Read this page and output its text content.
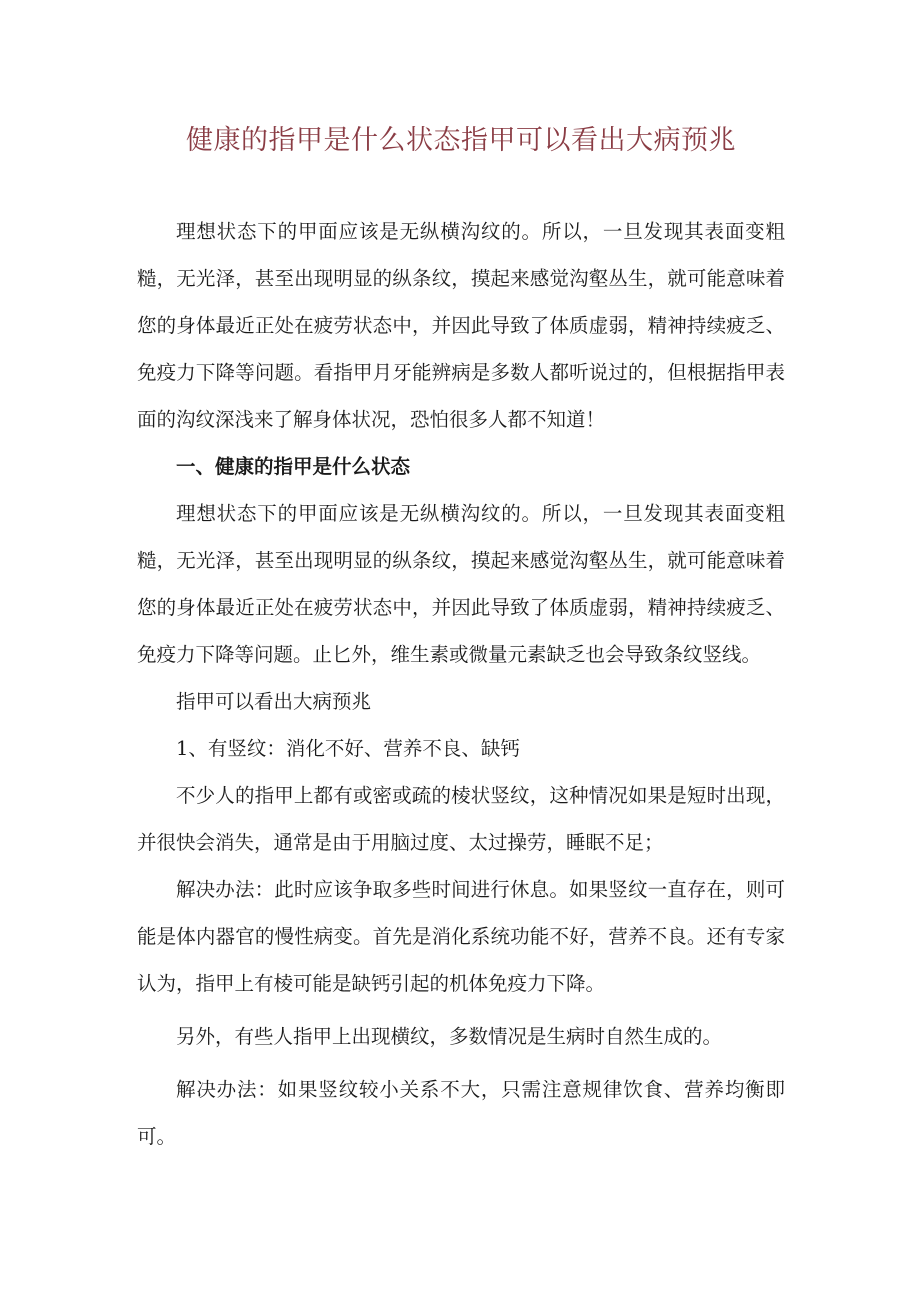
健康的指甲是什么状态指甲可以看出大病预兆

理想状态下的甲面应该是无纵横沟纹的。所以，一旦发现其表面变粗糙，无光泽，甚至出现明显的纵条纹，摸起来感觉沟壑丛生，就可能意味着您的身体最近正处在疲劳状态中，并因此导致了体质虚弱，精神持续疲乏、免疫力下降等问题。看指甲月牙能辨病是多数人都听说过的，但根据指甲表面的沟纹深浅来了解身体状况，恐怕很多人都不知道！

一、健康的指甲是什么状态

理想状态下的甲面应该是无纵横沟纹的。所以，一旦发现其表面变粗糙，无光泽，甚至出现明显的纵条纹，摸起来感觉沟壑丛生，就可能意味着您的身体最近正处在疲劳状态中，并因此导致了体质虚弱，精神持续疲乏、免疫力下降等问题。止匕外，维生素或微量元素缺乏也会导致条纹竖线。

指甲可以看出大病预兆

1、有竖纹：消化不好、营养不良、缺钙

不少人的指甲上都有或密或疏的棱状竖纹，这种情况如果是短时出现，并很快会消失，通常是由于用脑过度、太过操劳，睡眠不足；

解决办法：此时应该争取多些时间进行休息。如果竖纹一直存在，则可能是体内器官的慢性病变。首先是消化系统功能不好，营养不良。还有专家认为，指甲上有棱可能是缺钙引起的机体免疫力下降。

另外，有些人指甲上出现横纹，多数情况是生病时自然生成的。

解决办法：如果竖纹较小关系不大，只需注意规律饮食、营养均衡即可。
